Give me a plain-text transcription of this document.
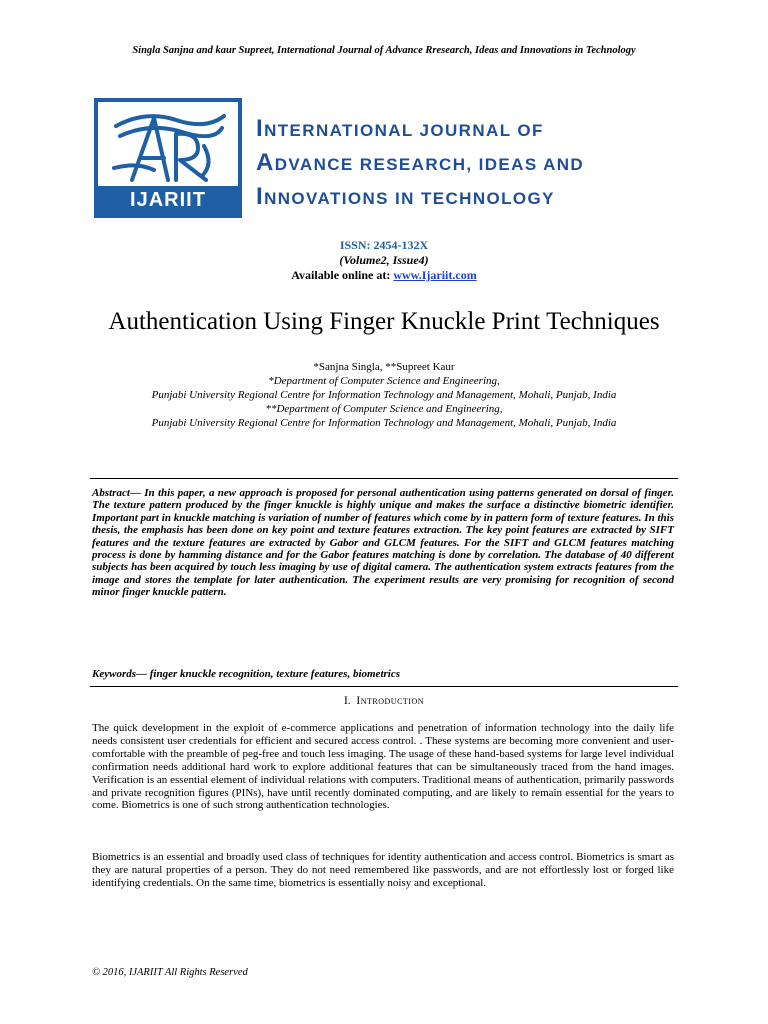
Singla Sanjna and kaur Supreet, International Journal of Advance Rresearch, Ideas and Innovations in Technology
IJARIIT
INTERNATIONAL JOURNAL OF
ADVANCE RESEARCH, IDEAS AND
INNOVATIONS IN TECHNOLOGY
ISSN: 2454-132X
(Volume2, Issue4)
Available online at: www.Ijariit.com
Authentication Using Finger Knuckle Print Techniques
*Sanjna Singla, **Supreet Kaur
*Department of Computer Science and Engineering,
Punjabi University Regional Centre for Information Technology and Management, Mohali, Punjab, India
**Department of Computer Science and Engineering,
Punjabi University Regional Centre for Information Technology and Management, Mohali, Punjab, India
Abstract— In this paper, a new approach is proposed for personal authentication using patterns generated on dorsal of finger. The texture pattern produced by the finger knuckle is highly unique and makes the surface a distinctive biometric identifier. Important part in knuckle matching is variation of number of features which come by in pattern form of texture features. In this thesis, the emphasis has been done on key point and texture features extraction. The key point features are extracted by SIFT features and the texture features are extracted by Gabor and GLCM features. For the SIFT and GLCM features matching process is done by hamming distance and for the Gabor features matching is done by correlation. The database of 40 different subjects has been acquired by touch less imaging by use of digital camera. The authentication system extracts features from the image and stores the template for later authentication. The experiment results are very promising for recognition of second minor finger knuckle pattern.
Keywords— finger knuckle recognition, texture features, biometrics
I. Introduction
The quick development in the exploit of e-commerce applications and penetration of information technology into the daily life needs consistent user credentials for efficient and secured access control. . These systems are becoming more convenient and user-comfortable with the preamble of peg-free and touch less imaging. The usage of these hand-based systems for large level individual confirmation needs additional hard work to explore additional features that can be simultaneously traced from the hand images. Verification is an essential element of individual relations with computers. Traditional means of authentication, primarily passwords and private recognition figures (PINs), have until recently dominated computing, and are likely to remain essential for the years to come. Biometrics is one of such strong authentication technologies.
Biometrics is an essential and broadly used class of techniques for identity authentication and access control. Biometrics is smart as they are natural properties of a person. They do not need remembered like passwords, and are not effortlessly lost or forged like identifying credentials. On the same time, biometrics is essentially noisy and exceptional.
© 2016, IJARIIT All Rights Reserved
